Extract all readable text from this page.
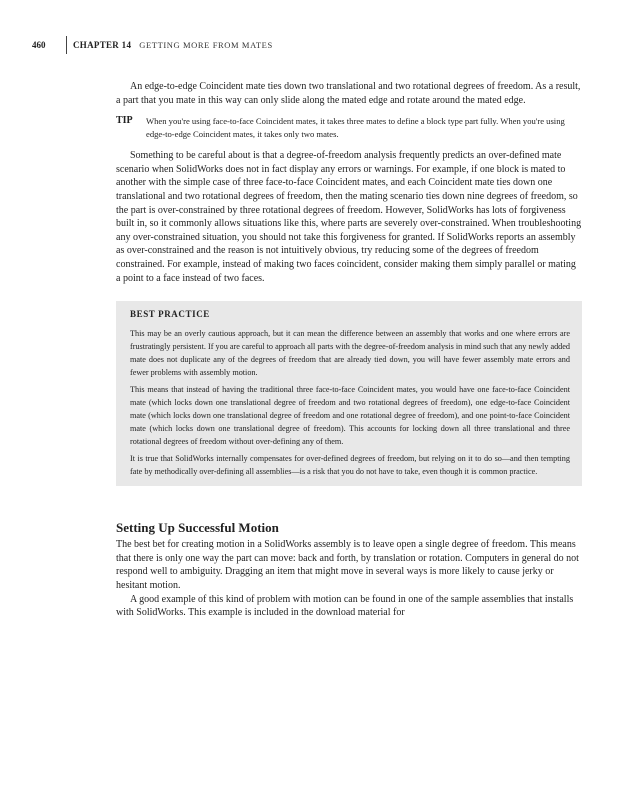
460	CHAPTER 14 GETTING MORE FROM MATES

An edge-to-edge Coincident mate ties down two translational and two rotational degrees of freedom. As a result, a part that you mate in this way can only slide along the mated edge and rotate around the mated edge.

TIP	When you're using face-to-face Coincident mates, it takes three mates to define a block type part fully. When you're using edge-to-edge Coincident mates, it takes only two mates.

Something to be careful about is that a degree-of-freedom analysis frequently predicts an over-defined mate scenario when SolidWorks does not in fact display any errors or warnings. For example, if one block is mated to another with the simple case of three face-to-face Coincident mates, and each Coincident mate ties down one translational and two rotational degrees of freedom, then the mating scenario ties down nine degrees of freedom, so the part is over-constrained by three rotational degrees of freedom. However, SolidWorks has lots of forgiveness built in, so it commonly allows situations like this, where parts are severely over-constrained. When troubleshooting any over-constrained situation, you should not take this forgiveness for granted. If SolidWorks reports an assembly as over-constrained and the reason is not intuitively obvious, try reducing some of the degrees of freedom constrained. For example, instead of making two faces coincident, consider making them simply parallel or mating a point to a face instead of two faces.

BEST PRACTICE

This may be an overly cautious approach, but it can mean the difference between an assembly that works and one where errors are frustratingly persistent. If you are careful to approach all parts with the degree-of-freedom analysis in mind such that any newly added mate does not duplicate any of the degrees of freedom that are already tied down, you will have fewer assembly mate errors and fewer problems with assembly motion.

This means that instead of having the traditional three face-to-face Coincident mates, you would have one face-to-face Coincident mate (which locks down one translational degree of freedom and two rotational degrees of freedom), one edge-to-face Coincident mate (which locks down one translational degree of freedom and one rotational degree of freedom), and one point-to-face Coincident mate (which locks down one translational degree of freedom). This accounts for locking down all three translational and three rotational degrees of freedom without over-defining any of them.

It is true that SolidWorks internally compensates for over-defined degrees of freedom, but relying on it to do so—and then tempting fate by methodically over-defining all assemblies—is a risk that you do not have to take, even though it is common practice.

Setting Up Successful Motion

The best bet for creating motion in a SolidWorks assembly is to leave open a single degree of freedom. This means that there is only one way the part can move: back and forth, by translation or rotation. Computers in general do not respond well to ambiguity. Dragging an item that might move in several ways is more likely to cause jerky or hesitant motion.

A good example of this kind of problem with motion can be found in one of the sample assemblies that installs with SolidWorks. This example is included in the download material for
